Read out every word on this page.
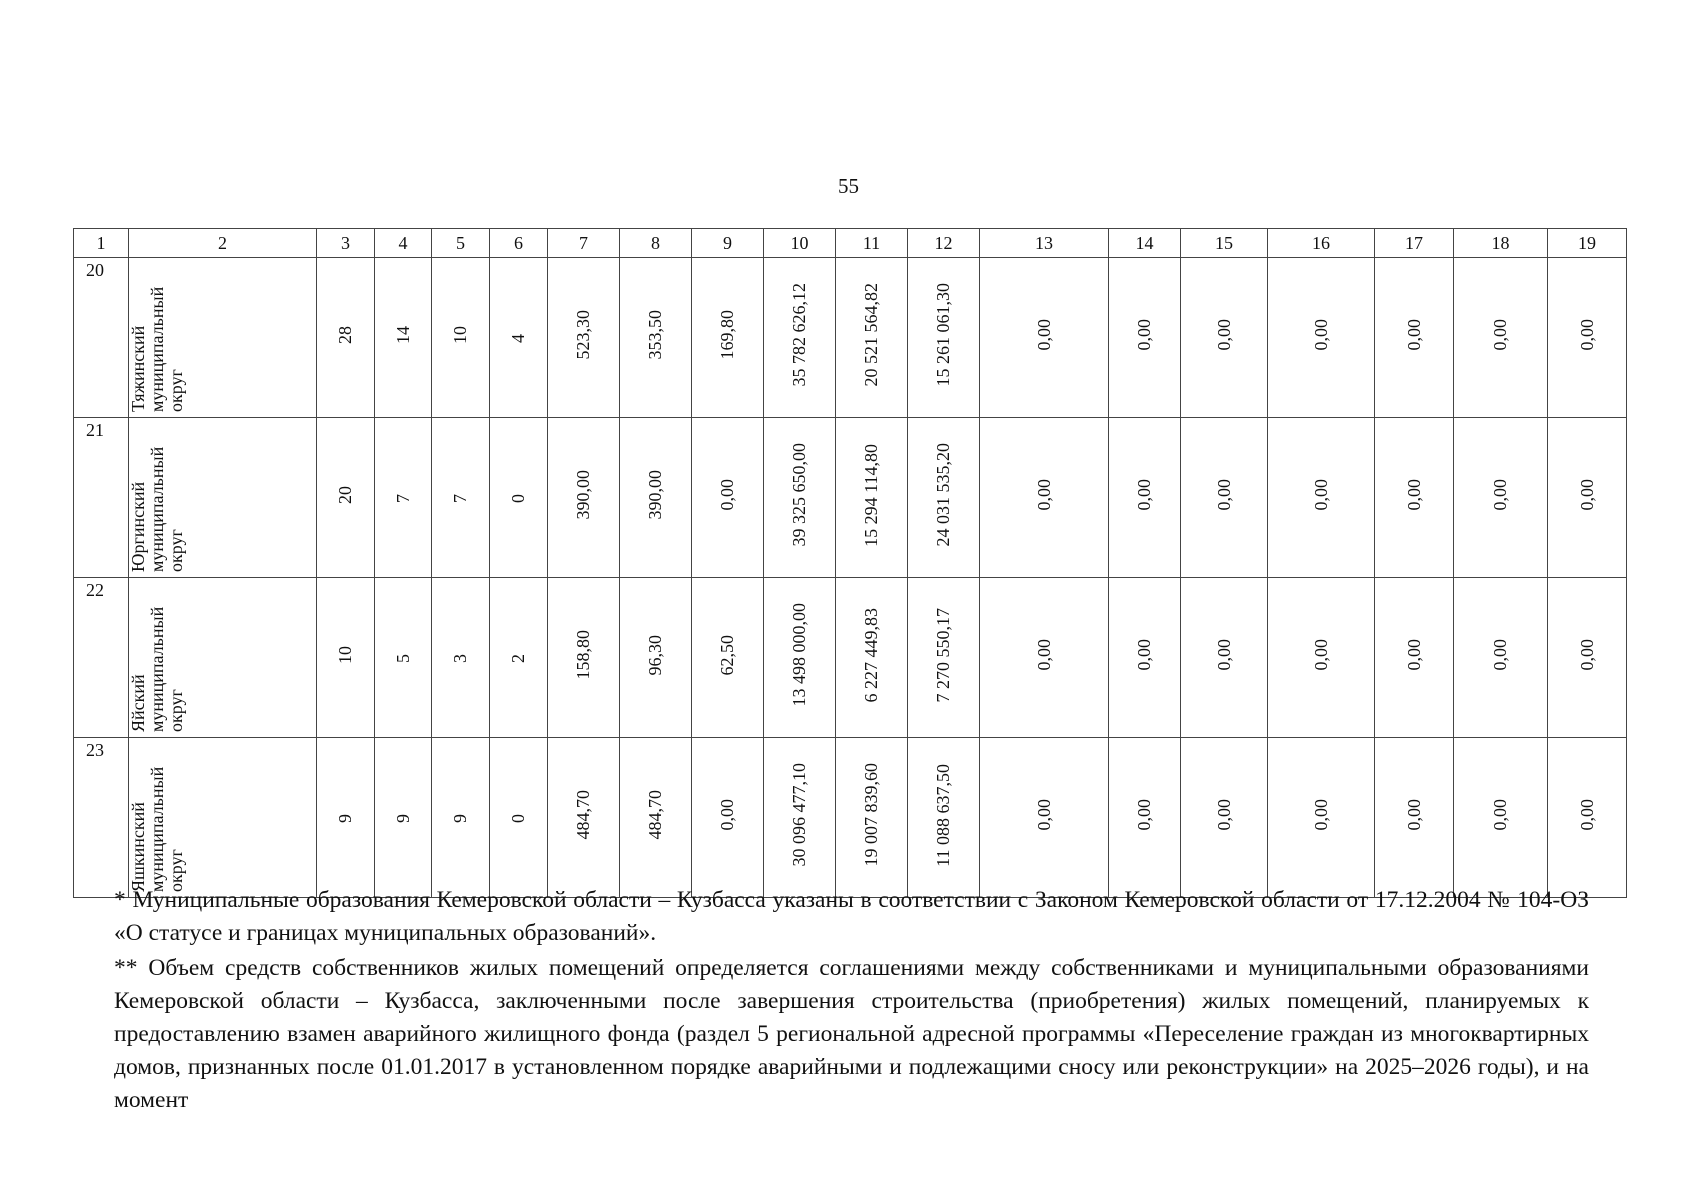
55
1	2	3	4	5	6	7	8	9	10	11	12	13	14	15	16	17	18	19
20	Тяжинский муниципальный округ	28	14	10	4	523,30	353,50	169,80	35 782 626,12	20 521 564,82	15 261 061,30	0,00	0,00	0,00	0,00	0,00	0,00	0,00
21	Юргинский муниципальный округ	20	7	7	0	390,00	390,00	0,00	39 325 650,00	15 294 114,80	24 031 535,20	0,00	0,00	0,00	0,00	0,00	0,00	0,00
22	Яйский муниципальный округ	10	5	3	2	158,80	96,30	62,50	13 498 000,00	6 227 449,83	7 270 550,17	0,00	0,00	0,00	0,00	0,00	0,00	0,00
23	Яшкинский муниципальный округ	9	9	9	0	484,70	484,70	0,00	30 096 477,10	19 007 839,60	11 088 637,50	0,00	0,00	0,00	0,00	0,00	0,00	0,00

* Муниципальные образования Кемеровской области – Кузбасса указаны в соответствии с Законом Кемеровской области от 17.12.2004 № 104-ОЗ «О статусе и границах муниципальных образований».

** Объем средств собственников жилых помещений определяется соглашениями между собственниками и муниципальными образованиями Кемеровской области – Кузбасса, заключенными после завершения строительства (приобретения) жилых помещений, планируемых к предоставлению взамен аварийного жилищного фонда (раздел 5 региональной адресной программы «Переселение граждан из многоквартирных домов, признанных после 01.01.2017 в установленном порядке аварийными и подлежащими сносу или реконструкции» на 2025–2026 годы), и на момент
